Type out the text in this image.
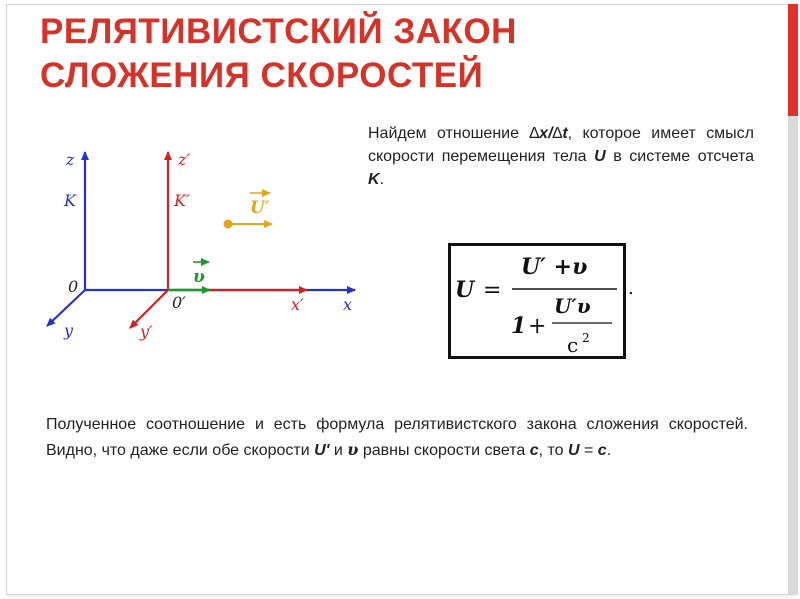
РЕЛЯТИВИСТСКИЙ ЗАКОН
СЛОЖЕНИЯ СКОРОСТЕЙ
Найдем отношение ∆x/∆t, которое имеет смысл скорости перемещения тела U в системе отсчета K.
z
K
x
y
0
z′
K′
x′
y′
0′
υ
U′
U =
U′ +υ
1 +
U′υ
c 2
.
Полученное соотношение и есть формула релятивистского закона сложения скоростей. Видно, что даже если обе скорости U' и υ равны скорости света c, то U = c.
